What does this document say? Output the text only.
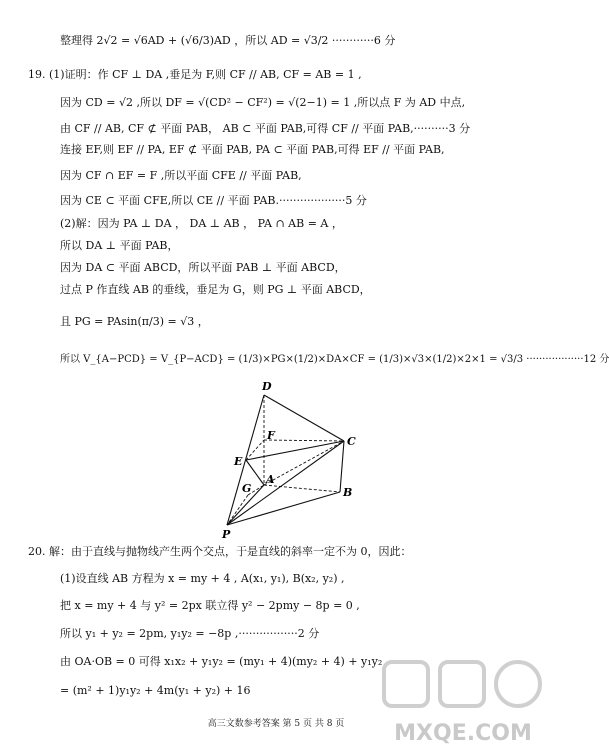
整理得 2√2 = √6AD + (√6/3)AD ，所以 AD = √3/2 ············6 分
19. (1)证明：作 CF ⊥ DA ,垂足为 F,则 CF // AB, CF = AB = 1 ,
因为 CD = √2 ,所以 DF = √(CD² − CF²) = √(2−1) = 1 ,所以点 F 为 AD 中点,
由 CF // AB, CF ⊄ 平面 PAB， AB ⊂ 平面 PAB,可得 CF // 平面 PAB,··········3 分
连接 EF,则 EF // PA, EF ⊄ 平面 PAB, PA ⊂ 平面 PAB,可得 EF // 平面 PAB,
因为 CF ∩ EF = F ,所以平面 CFE // 平面 PAB,
因为 CE ⊂ 平面 CFE,所以 CE // 平面 PAB.···················5 分
(2)解：因为 PA ⊥ DA ， DA ⊥ AB ， PA ∩ AB = A ，
所以 DA ⊥ 平面 PAB，
因为 DA ⊂ 平面 ABCD，所以平面 PAB ⊥ 平面 ABCD，
过点 P 作直线 AB 的垂线，垂足为 G，则 PG ⊥ 平面 ABCD，
且 PG = PAsin(π/3) = √3 ，
所以 V_{A−PCD} = V_{P−ACD} = (1/3)×PG×(1/2)×DA×CF = (1/3)×√3×(1/2)×2×1 = √3/3 ··················12 分
D
F	C
E
A
G	B
P
20. 解：由于直线与抛物线产生两个交点，于是直线的斜率一定不为 0，因此：
(1)设直线 AB 方程为 x = my + 4 , A(x₁, y₁), B(x₂, y₂) ,
把 x = my + 4 与 y² = 2px 联立得 y² − 2pmy − 8p = 0 ,
所以 y₁ + y₂ = 2pm, y₁y₂ = −8p ,·················2 分
由 OA·OB = 0 可得 x₁x₂ + y₁y₂ = (my₁ + 4)(my₂ + 4) + y₁y₂
= (m² + 1)y₁y₂ + 4m(y₁ + y₂) + 16
高三文数参考答案 第 5 页 共 8 页	MXQE.COM
